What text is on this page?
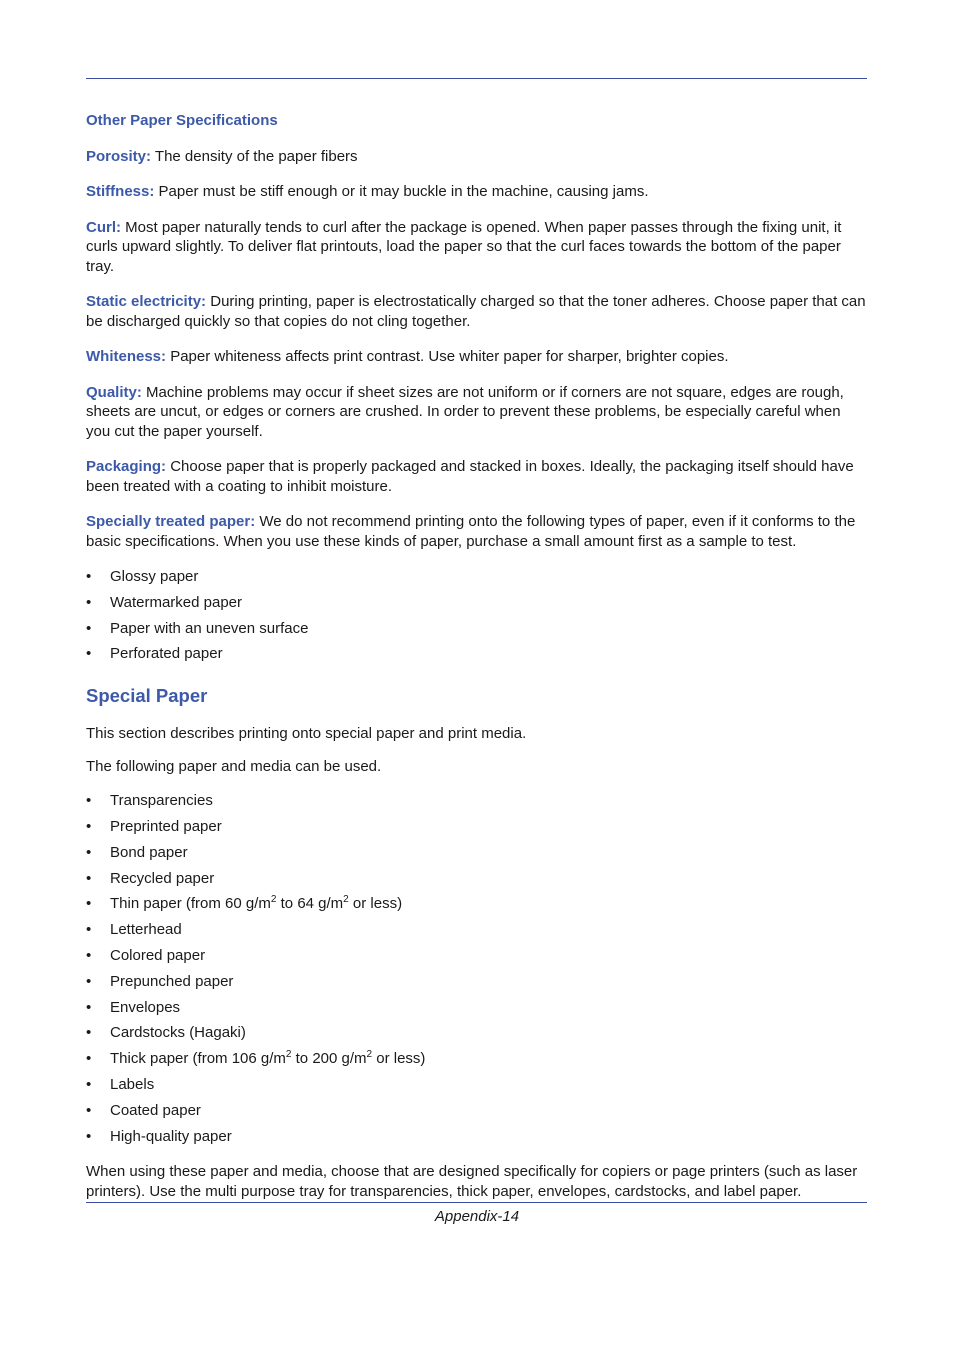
Other Paper Specifications

Porosity: The density of the paper fibers

Stiffness: Paper must be stiff enough or it may buckle in the machine, causing jams.

Curl: Most paper naturally tends to curl after the package is opened. When paper passes through the fixing unit, it curls upward slightly. To deliver flat printouts, load the paper so that the curl faces towards the bottom of the paper tray.

Static electricity: During printing, paper is electrostatically charged so that the toner adheres. Choose paper that can be discharged quickly so that copies do not cling together.

Whiteness: Paper whiteness affects print contrast. Use whiter paper for sharper, brighter copies.

Quality: Machine problems may occur if sheet sizes are not uniform or if corners are not square, edges are rough, sheets are uncut, or edges or corners are crushed. In order to prevent these problems, be especially careful when you cut the paper yourself.

Packaging: Choose paper that is properly packaged and stacked in boxes. Ideally, the packaging itself should have been treated with a coating to inhibit moisture.

Specially treated paper: We do not recommend printing onto the following types of paper, even if it conforms to the basic specifications. When you use these kinds of paper, purchase a small amount first as a sample to test.

• Glossy paper
• Watermarked paper
• Paper with an uneven surface
• Perforated paper
Special Paper

This section describes printing onto special paper and print media.

The following paper and media can be used.

• Transparencies
• Preprinted paper
• Bond paper
• Recycled paper
• Thin paper (from 60 $g/m^2$ to 64 $g/m^2$ or less)
• Letterhead
• Colored paper
• Prepunched paper
• Envelopes
• Cardstocks (Hagaki)
• Thick paper (from 106 $g/m^2$ to 200 $g/m^2$ or less)
• Labels
• Coated paper
• High-quality paper

When using these paper and media, choose that are designed specifically for copiers or page printers (such as laser printers). Use the multi purpose tray for transparencies, thick paper, envelopes, cardstocks, and label paper.

Appendix-14
